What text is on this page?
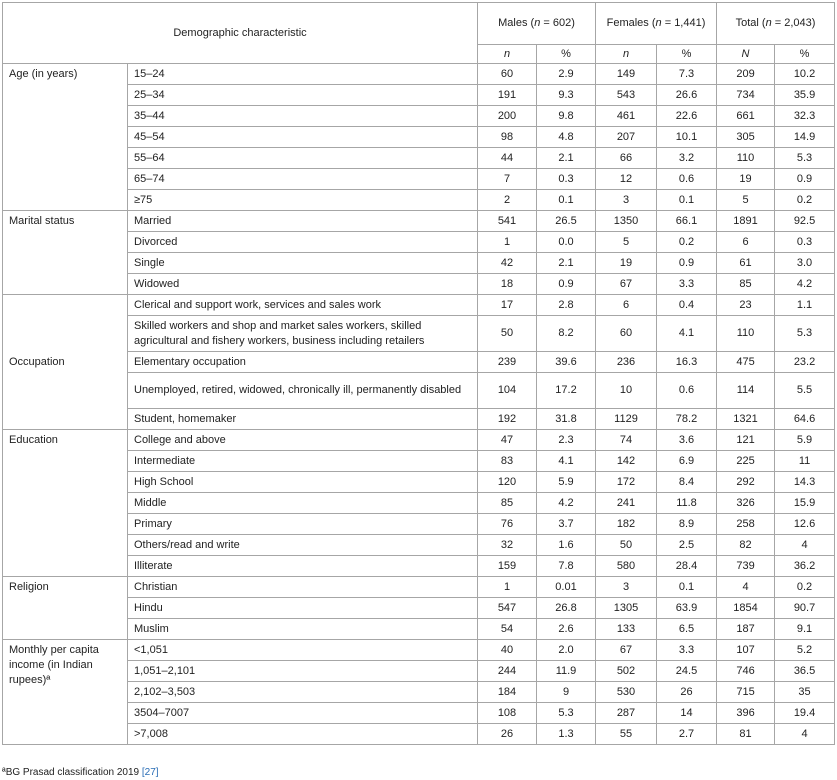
Demographic characteristic		Males (n = 602)		Females (n = 1,441)		Total (n = 2,043)	
		n	%	n	%	N	%
Age (in years)	15–24	60	2.9	149	7.3	209	10.2
	25–34	191	9.3	543	26.6	734	35.9
	35–44	200	9.8	461	22.6	661	32.3
	45–54	98	4.8	207	10.1	305	14.9
	55–64	44	2.1	66	3.2	110	5.3
	65–74	7	0.3	12	0.6	19	0.9
	≥75	2	0.1	3	0.1	5	0.2
Marital status	Married	541	26.5	1350	66.1	1891	92.5
	Divorced	1	0.0	5	0.2	6	0.3
	Single	42	2.1	19	0.9	61	3.0
	Widowed	18	0.9	67	3.3	85	4.2
Occupation	Clerical and support work, services and sales work	17	2.8	6	0.4	23	1.1
	Skilled workers and shop and market sales workers, skilled agricultural and fishery workers, business including retailers	50	8.2	60	4.1	110	5.3
	Elementary occupation	239	39.6	236	16.3	475	23.2
	Unemployed, retired, widowed, chronically ill, permanently disabled	104	17.2	10	0.6	114	5.5
	Student, homemaker	192	31.8	1129	78.2	1321	64.6
Education	College and above	47	2.3	74	3.6	121	5.9
	Intermediate	83	4.1	142	6.9	225	11
	High School	120	5.9	172	8.4	292	14.3
	Middle	85	4.2	241	11.8	326	15.9
	Primary	76	3.7	182	8.9	258	12.6
	Others/read and write	32	1.6	50	2.5	82	4
	Illiterate	159	7.8	580	28.4	739	36.2
Religion	Christian	1	0.01	3	0.1	4	0.2
	Hindu	547	26.8	1305	63.9	1854	90.7
	Muslim	54	2.6	133	6.5	187	9.1
Monthly per capita income (in Indian rupees)ª	<1,051	40	2.0	67	3.3	107	5.2
	1,051–2,101	244	11.9	502	24.5	746	36.5
	2,102–3,503	184	9	530	26	715	35
	3504–7007	108	5.3	287	14	396	19.4
	>7,008	26	1.3	55	2.7	81	4
ªBG Prasad classification 2019 [27]
